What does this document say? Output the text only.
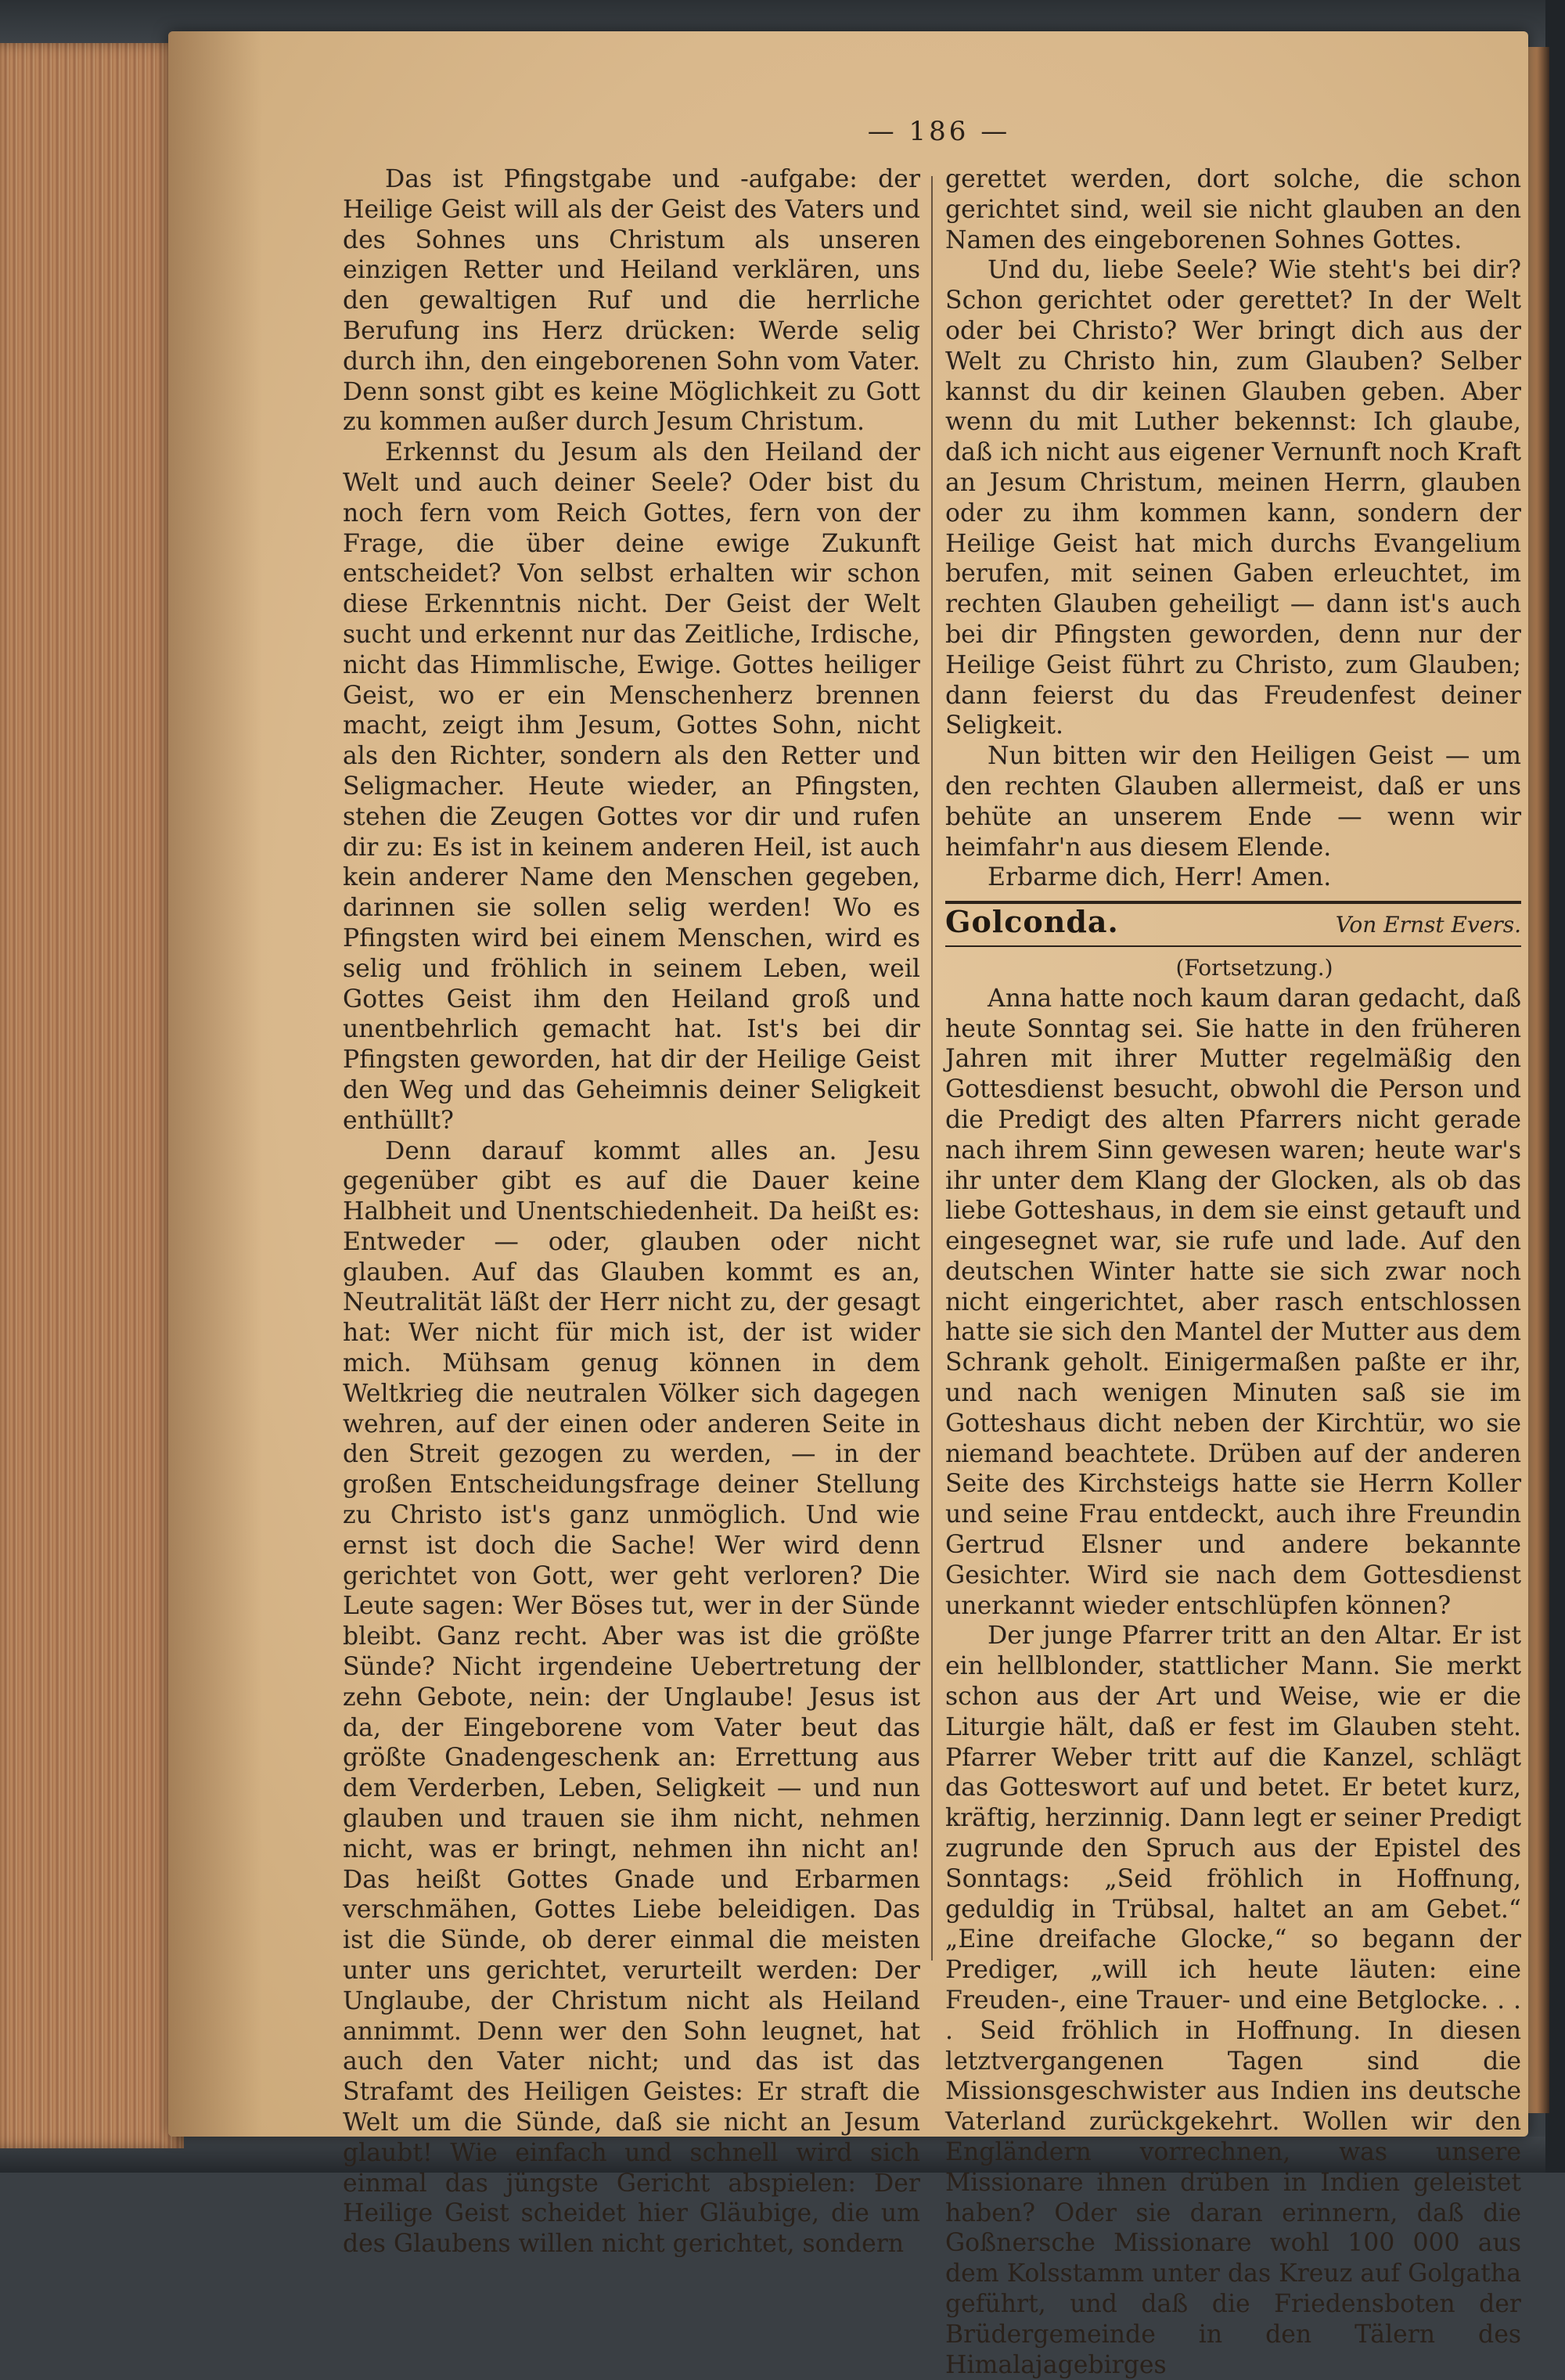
— 186 —

Das ist Pfingstgabe und -aufgabe: der Heilige Geist will als der Geist des Vaters und des Sohnes uns Christum als unseren einzigen Retter und Heiland verklären, uns den gewaltigen Ruf und die herrliche Berufung ins Herz drücken: Werde selig durch ihn, den eingeborenen Sohn vom Vater. Denn sonst gibt es keine Möglichkeit zu Gott zu kommen außer durch Jesum Christum.

Erkennst du Jesum als den Heiland der Welt und auch deiner Seele? Oder bist du noch fern vom Reich Gottes, fern von der Frage, die über deine ewige Zukunft entscheidet? Von selbst erhalten wir schon diese Erkenntnis nicht. Der Geist der Welt sucht und erkennt nur das Zeitliche, Irdische, nicht das Himmlische, Ewige. Gottes heiliger Geist, wo er ein Menschenherz brennen macht, zeigt ihm Jesum, Gottes Sohn, nicht als den Richter, sondern als den Retter und Seligmacher. Heute wieder, an Pfingsten, stehen die Zeugen Gottes vor dir und rufen dir zu: Es ist in keinem anderen Heil, ist auch kein anderer Name den Menschen gegeben, darinnen sie sollen selig werden! Wo es Pfingsten wird bei einem Menschen, wird es selig und fröhlich in seinem Leben, weil Gottes Geist ihm den Heiland groß und unentbehrlich gemacht hat. Ist's bei dir Pfingsten geworden, hat dir der Heilige Geist den Weg und das Geheimnis deiner Seligkeit enthüllt?

Denn darauf kommt alles an. Jesu gegenüber gibt es auf die Dauer keine Halbheit und Unentschiedenheit. Da heißt es: Entweder — oder, glauben oder nicht glauben. Auf das Glauben kommt es an, Neutralität läßt der Herr nicht zu, der gesagt hat: Wer nicht für mich ist, der ist wider mich. Mühsam genug können in dem Weltkrieg die neutralen Völker sich dagegen wehren, auf der einen oder anderen Seite in den Streit gezogen zu werden, — in der großen Entscheidungsfrage deiner Stellung zu Christo ist's ganz unmöglich. Und wie ernst ist doch die Sache! Wer wird denn gerichtet von Gott, wer geht verloren? Die Leute sagen: Wer Böses tut, wer in der Sünde bleibt. Ganz recht. Aber was ist die größte Sünde? Nicht irgendeine Uebertretung der zehn Gebote, nein: der Unglaube! Jesus ist da, der Eingeborene vom Vater beut das größte Gnadengeschenk an: Errettung aus dem Verderben, Leben, Seligkeit — und nun glauben und trauen sie ihm nicht, nehmen nicht, was er bringt, nehmen ihn nicht an! Das heißt Gottes Gnade und Erbarmen verschmähen, Gottes Liebe beleidigen. Das ist die Sünde, ob derer einmal die meisten unter uns gerichtet, verurteilt werden: Der Unglaube, der Christum nicht als Heiland annimmt. Denn wer den Sohn leugnet, hat auch den Vater nicht; und das ist das Strafamt des Heiligen Geistes: Er straft die Welt um die Sünde, daß sie nicht an Jesum glaubt! Wie einfach und schnell wird sich einmal das jüngste Gericht abspielen: Der Heilige Geist scheidet hier Gläubige, die um des Glaubens willen nicht gerichtet, sondern

gerettet werden, dort solche, die schon gerichtet sind, weil sie nicht glauben an den Namen des eingeborenen Sohnes Gottes.

Und du, liebe Seele? Wie steht's bei dir? Schon gerichtet oder gerettet? In der Welt oder bei Christo? Wer bringt dich aus der Welt zu Christo hin, zum Glauben? Selber kannst du dir keinen Glauben geben. Aber wenn du mit Luther bekennst: Ich glaube, daß ich nicht aus eigener Vernunft noch Kraft an Jesum Christum, meinen Herrn, glauben oder zu ihm kommen kann, sondern der Heilige Geist hat mich durchs Evangelium berufen, mit seinen Gaben erleuchtet, im rechten Glauben geheiligt — dann ist's auch bei dir Pfingsten geworden, denn nur der Heilige Geist führt zu Christo, zum Glauben; dann feierst du das Freudenfest deiner Seligkeit.

Nun bitten wir den Heiligen Geist — um den rechten Glauben allermeist, daß er uns behüte an unserem Ende — wenn wir heimfahr'n aus diesem Elende.

Erbarme dich, Herr! Amen.

Golconda.	Von Ernst Evers.

(Fortsetzung.)

Anna hatte noch kaum daran gedacht, daß heute Sonntag sei. Sie hatte in den früheren Jahren mit ihrer Mutter regelmäßig den Gottesdienst besucht, obwohl die Person und die Predigt des alten Pfarrers nicht gerade nach ihrem Sinn gewesen waren; heute war's ihr unter dem Klang der Glocken, als ob das liebe Gotteshaus, in dem sie einst getauft und eingesegnet war, sie rufe und lade. Auf den deutschen Winter hatte sie sich zwar noch nicht eingerichtet, aber rasch entschlossen hatte sie sich den Mantel der Mutter aus dem Schrank geholt. Einigermaßen paßte er ihr, und nach wenigen Minuten saß sie im Gotteshaus dicht neben der Kirchtür, wo sie niemand beachtete. Drüben auf der anderen Seite des Kirchsteigs hatte sie Herrn Koller und seine Frau entdeckt, auch ihre Freundin Gertrud Elsner und andere bekannte Gesichter. Wird sie nach dem Gottesdienst unerkannt wieder entschlüpfen können?

Der junge Pfarrer tritt an den Altar. Er ist ein hellblonder, stattlicher Mann. Sie merkt schon aus der Art und Weise, wie er die Liturgie hält, daß er fest im Glauben steht. Pfarrer Weber tritt auf die Kanzel, schlägt das Gotteswort auf und betet. Er betet kurz, kräftig, herzinnig. Dann legt er seiner Predigt zugrunde den Spruch aus der Epistel des Sonntags: „Seid fröhlich in Hoffnung, geduldig in Trübsal, haltet an am Gebet.“ „Eine dreifache Glocke,“ so begann der Prediger, „will ich heute läuten: eine Freuden-, eine Trauer- und eine Betglocke. . . . Seid fröhlich in Hoffnung. In diesen letztvergangenen Tagen sind die Missionsgeschwister aus Indien ins deutsche Vaterland zurückgekehrt. Wollen wir den Engländern vorrechnen, was unsere Missionare ihnen drüben in Indien geleistet haben? Oder sie daran erinnern, daß die Goßnersche Missionare wohl 100 000 aus dem Kolsstamm unter das Kreuz auf Golgatha geführt, und daß die Friedensboten der Brüdergemeinde in den Tälern des Himalajagebirges
